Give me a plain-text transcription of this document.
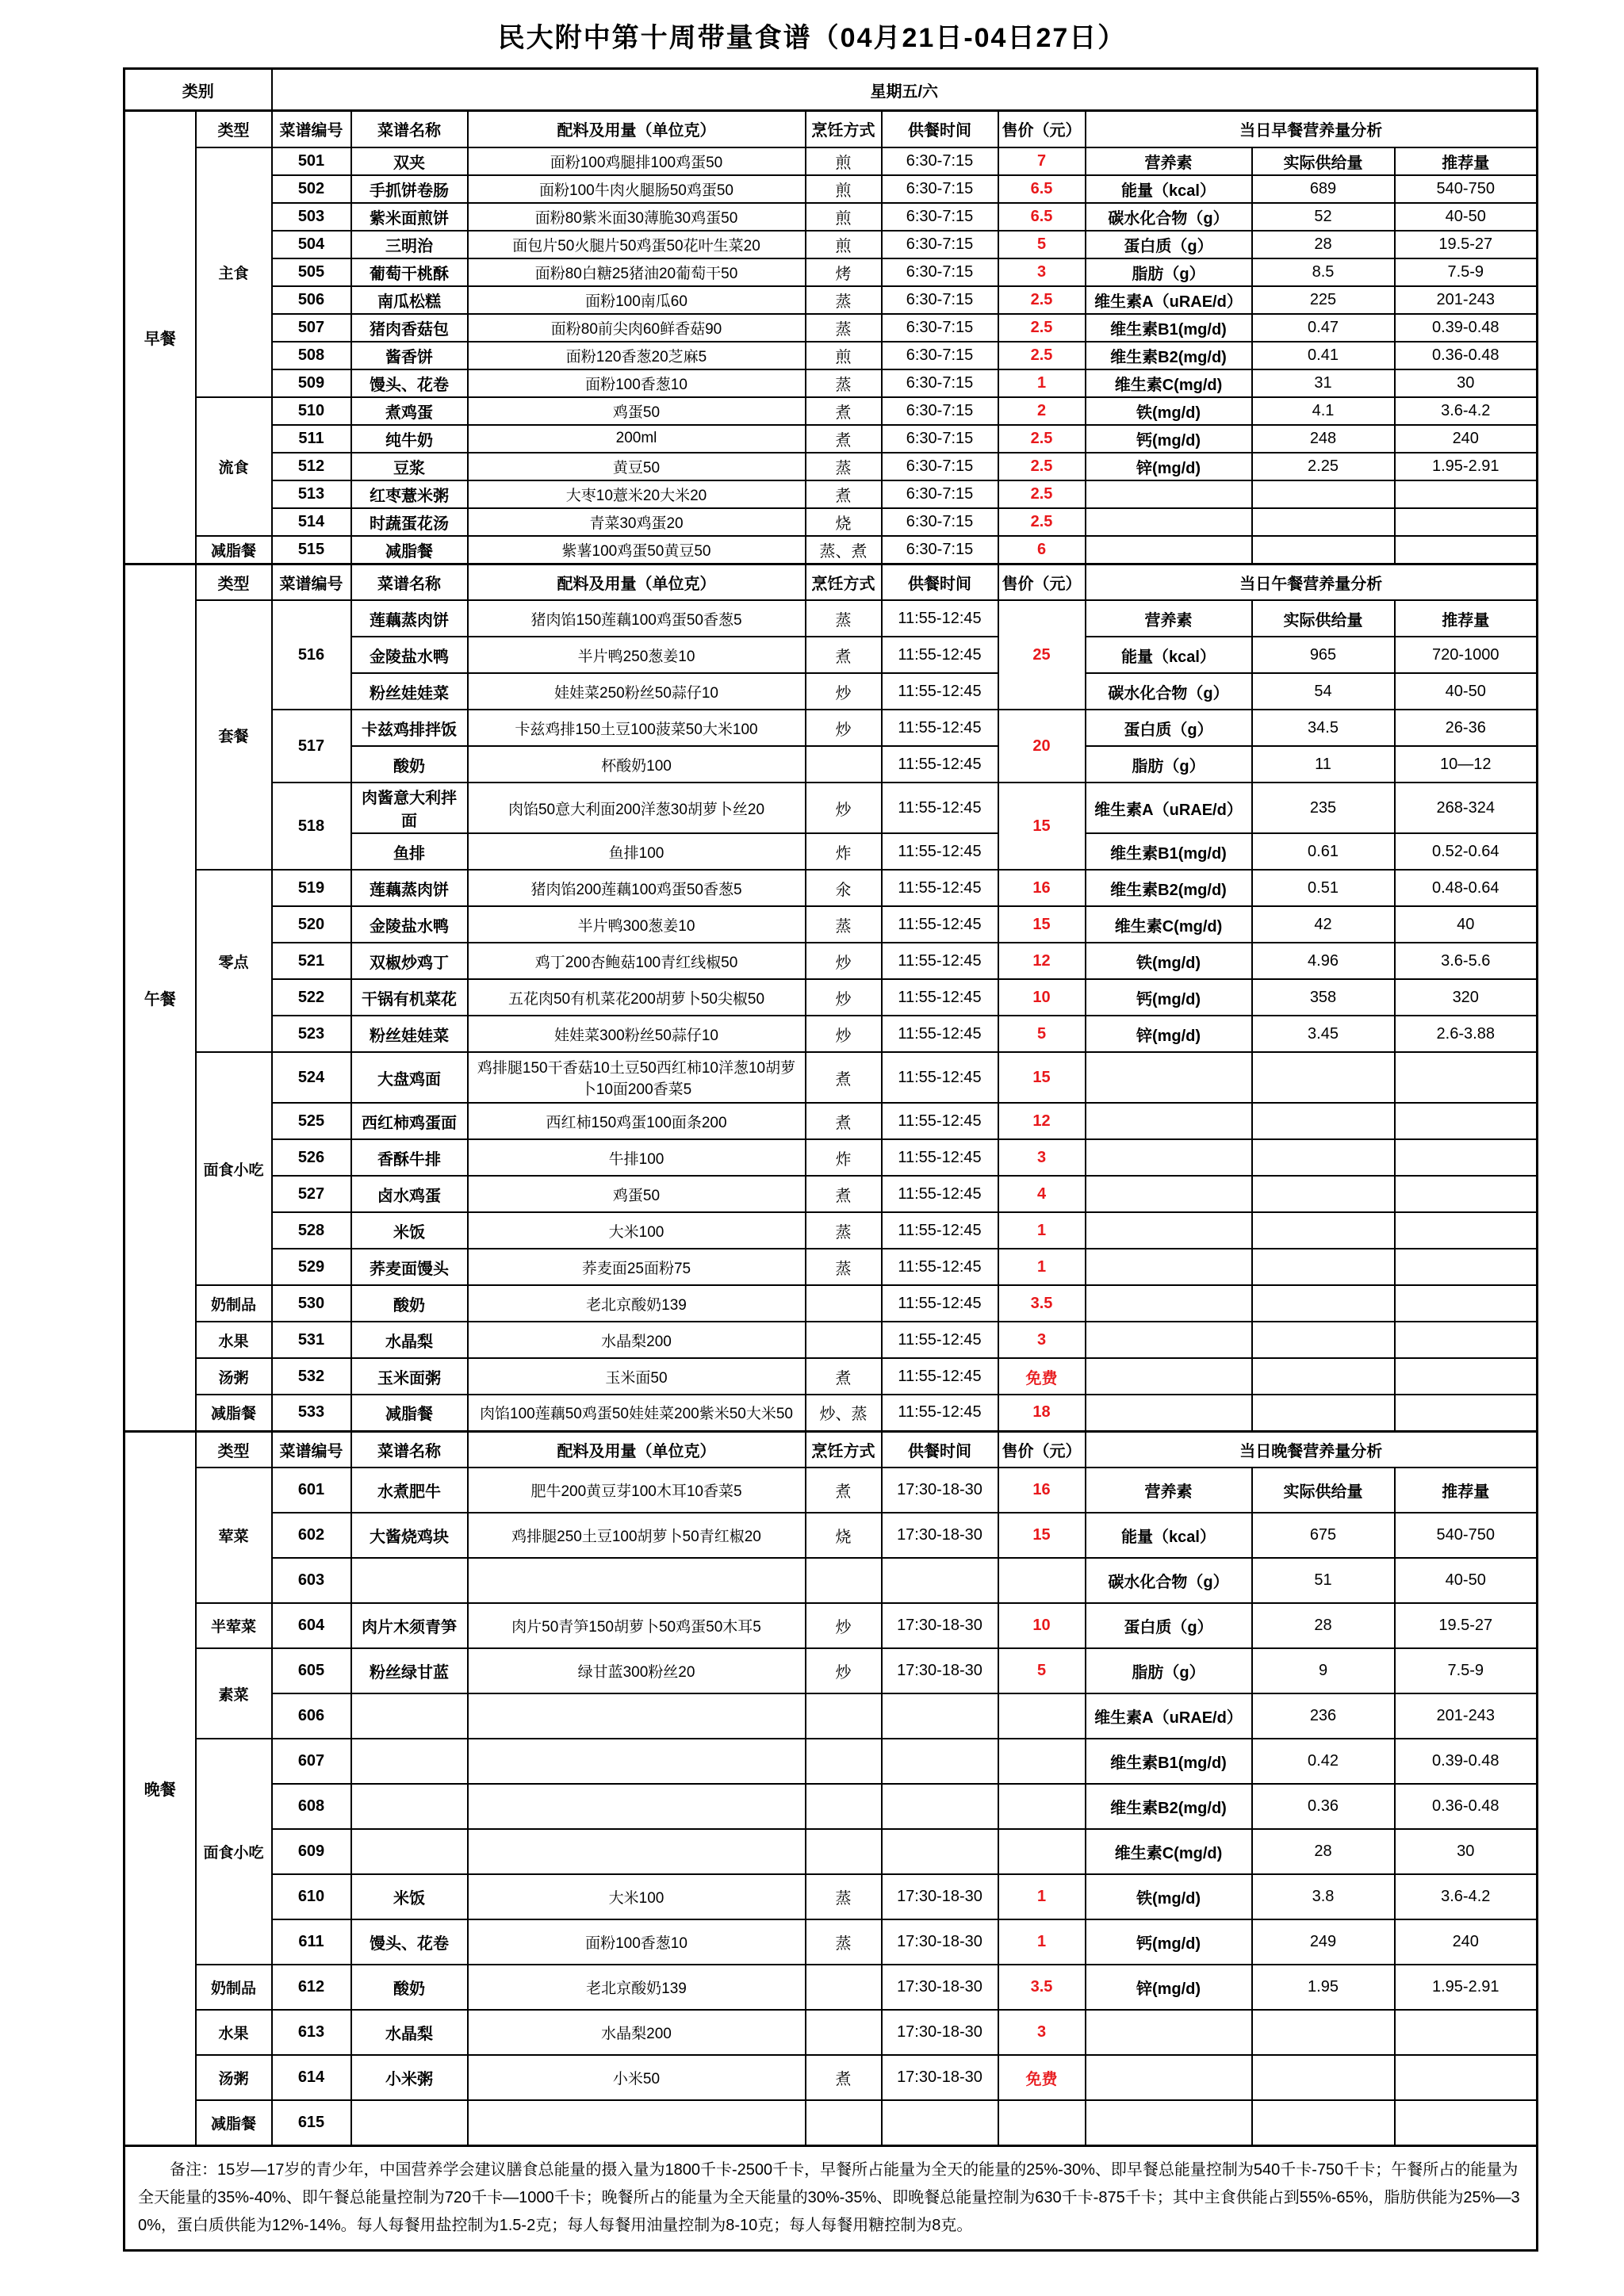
民大附中第十周带量食谱（04月21日-04日27日）
类别		星期五/六								
早餐	类型	菜谱编号	菜谱名称	配料及用量（单位克）	烹饪方式	供餐时间	售价（元）	当日早餐营养量分析		
	主食	501	双夹	面粉100鸡腿排100鸡蛋50	煎	6:30-7:15	7	营养素	实际供给量	推荐量
		502	手抓饼卷肠	面粉100牛肉火腿肠50鸡蛋50	煎	6:30-7:15	6.5	能量（kcal）	689	540-750
		503	紫米面煎饼	面粉80紫米面30薄脆30鸡蛋50	煎	6:30-7:15	6.5	碳水化合物（g）	52	40-50
		504	三明治	面包片50火腿片50鸡蛋50花叶生菜20	煎	6:30-7:15	5	蛋白质（g）	28	19.5-27
		505	葡萄干桃酥	面粉80白糖25猪油20葡萄干50	烤	6:30-7:15	3	脂肪（g）	8.5	7.5-9
		506	南瓜松糕	面粉100南瓜60	蒸	6:30-7:15	2.5	维生素A（uRAE/d）	225	201-243
		507	猪肉香菇包	面粉80前尖肉60鲜香菇90	蒸	6:30-7:15	2.5	维生素B1(mg/d)	0.47	0.39-0.48
		508	酱香饼	面粉120香葱20芝麻5	煎	6:30-7:15	2.5	维生素B2(mg/d)	0.41	0.36-0.48
		509	馒头、花卷	面粉100香葱10	蒸	6:30-7:15	1	维生素C(mg/d)	31	30
	流食	510	煮鸡蛋	鸡蛋50	煮	6:30-7:15	2	铁(mg/d)	4.1	3.6-4.2
		511	纯牛奶	200ml	煮	6:30-7:15	2.5	钙(mg/d)	248	240
		512	豆浆	黄豆50	蒸	6:30-7:15	2.5	锌(mg/d)	2.25	1.95-2.91
		513	红枣薏米粥	大枣10薏米20大米20	煮	6:30-7:15	2.5			
		514	时蔬蛋花汤	青菜30鸡蛋20	烧	6:30-7:15	2.5			
	减脂餐	515	减脂餐	紫薯100鸡蛋50黄豆50	蒸、煮	6:30-7:15	6			
午餐	类型	菜谱编号	菜谱名称	配料及用量（单位克）	烹饪方式	供餐时间	售价（元）	当日午餐营养量分析		
	套餐	516	莲藕蒸肉饼	猪肉馅150莲藕100鸡蛋50香葱5	蒸	11:55-12:45	25	营养素	实际供给量	推荐量
			金陵盐水鸭	半片鸭250葱姜10	煮	11:55-12:45		能量（kcal）	965	720-1000
			粉丝娃娃菜	娃娃菜250粉丝50蒜仔10	炒	11:55-12:45		碳水化合物（g）	54	40-50
		517	卡兹鸡排拌饭	卡兹鸡排150土豆100菠菜50大米100	炒	11:55-12:45	20	蛋白质（g）	34.5	26-36
			酸奶	杯酸奶100		11:55-12:45		脂肪（g）	11	10—12
		518	肉酱意大利拌面	肉馅50意大利面200洋葱30胡萝卜丝20	炒	11:55-12:45	15	维生素A（uRAE/d）	235	268-324
			鱼排	鱼排100	炸	11:55-12:45		维生素B1(mg/d)	0.61	0.52-0.64
	零点	519	莲藕蒸肉饼	猪肉馅200莲藕100鸡蛋50香葱5	氽	11:55-12:45	16	维生素B2(mg/d)	0.51	0.48-0.64
		520	金陵盐水鸭	半片鸭300葱姜10	蒸	11:55-12:45	15	维生素C(mg/d)	42	40
		521	双椒炒鸡丁	鸡丁200杏鲍菇100青红线椒50	炒	11:55-12:45	12	铁(mg/d)	4.96	3.6-5.6
		522	干锅有机菜花	五花肉50有机菜花200胡萝卜50尖椒50	炒	11:55-12:45	10	钙(mg/d)	358	320
		523	粉丝娃娃菜	娃娃菜300粉丝50蒜仔10	炒	11:55-12:45	5	锌(mg/d)	3.45	2.6-3.88
	面食小吃	524	大盘鸡面	鸡排腿150干香菇10土豆50西红柿10洋葱10胡萝卜10面200香菜5	煮	11:55-12:45	15			
		525	西红柿鸡蛋面	西红柿150鸡蛋100面条200	煮	11:55-12:45	12			
		526	香酥牛排	牛排100	炸	11:55-12:45	3			
		527	卤水鸡蛋	鸡蛋50	煮	11:55-12:45	4			
		528	米饭	大米100	蒸	11:55-12:45	1			
		529	荞麦面馒头	荞麦面25面粉75	蒸	11:55-12:45	1			
	奶制品	530	酸奶	老北京酸奶139		11:55-12:45	3.5			
	水果	531	水晶梨	水晶梨200		11:55-12:45	3			
	汤粥	532	玉米面粥	玉米面50	煮	11:55-12:45	免费			
	减脂餐	533	减脂餐	肉馅100莲藕50鸡蛋50娃娃菜200紫米50大米50	炒、蒸	11:55-12:45	18			
晚餐	类型	菜谱编号	菜谱名称	配料及用量（单位克）	烹饪方式	供餐时间	售价（元）	当日晚餐营养量分析		
	荤菜	601	水煮肥牛	肥牛200黄豆芽100木耳10香菜5	煮	17:30-18-30	16	营养素	实际供给量	推荐量
		602	大酱烧鸡块	鸡排腿250土豆100胡萝卜50青红椒20	烧	17:30-18-30	15	能量（kcal）	675	540-750
		603						碳水化合物（g）	51	40-50
	半荤菜	604	肉片木须青笋	肉片50青笋150胡萝卜50鸡蛋50木耳5	炒	17:30-18-30	10	蛋白质（g）	28	19.5-27
	素菜	605	粉丝绿甘蓝	绿甘蓝300粉丝20	炒	17:30-18-30	5	脂肪（g）	9	7.5-9
		606						维生素A（uRAE/d）	236	201-243
	面食小吃	607						维生素B1(mg/d)	0.42	0.39-0.48
		608						维生素B2(mg/d)	0.36	0.36-0.48
		609						维生素C(mg/d)	28	30
		610	米饭	大米100	蒸	17:30-18-30	1	铁(mg/d)	3.8	3.6-4.2
		611	馒头、花卷	面粉100香葱10	蒸	17:30-18-30	1	钙(mg/d)	249	240
	奶制品	612	酸奶	老北京酸奶139		17:30-18-30	3.5	锌(mg/d)	1.95	1.95-2.91
	水果	613	水晶梨	水晶梨200		17:30-18-30	3			
	汤粥	614	小米粥	小米50	煮	17:30-18-30	免费			
	减脂餐	615								

备注：15岁—17岁的青少年，中国营养学会建议膳食总能量的摄入量为1800千卡-2500千卡，早餐所占能量为全天的能量的25%-30%、即早餐总能量控制为540千卡-750千卡；午餐所占的能量为全天能量的35%-40%、即午餐总能量控制为720千卡—1000千卡；晚餐所占的能量为全天能量的30%-35%、即晚餐总能量控制为630千卡-875千卡；其中主食供能占到55%-65%，脂肪供能为25%—30%，蛋白质供能为12%-14%。每人每餐用盐控制为1.5-2克；每人每餐用油量控制为8-10克；每人每餐用糖控制为8克。										
